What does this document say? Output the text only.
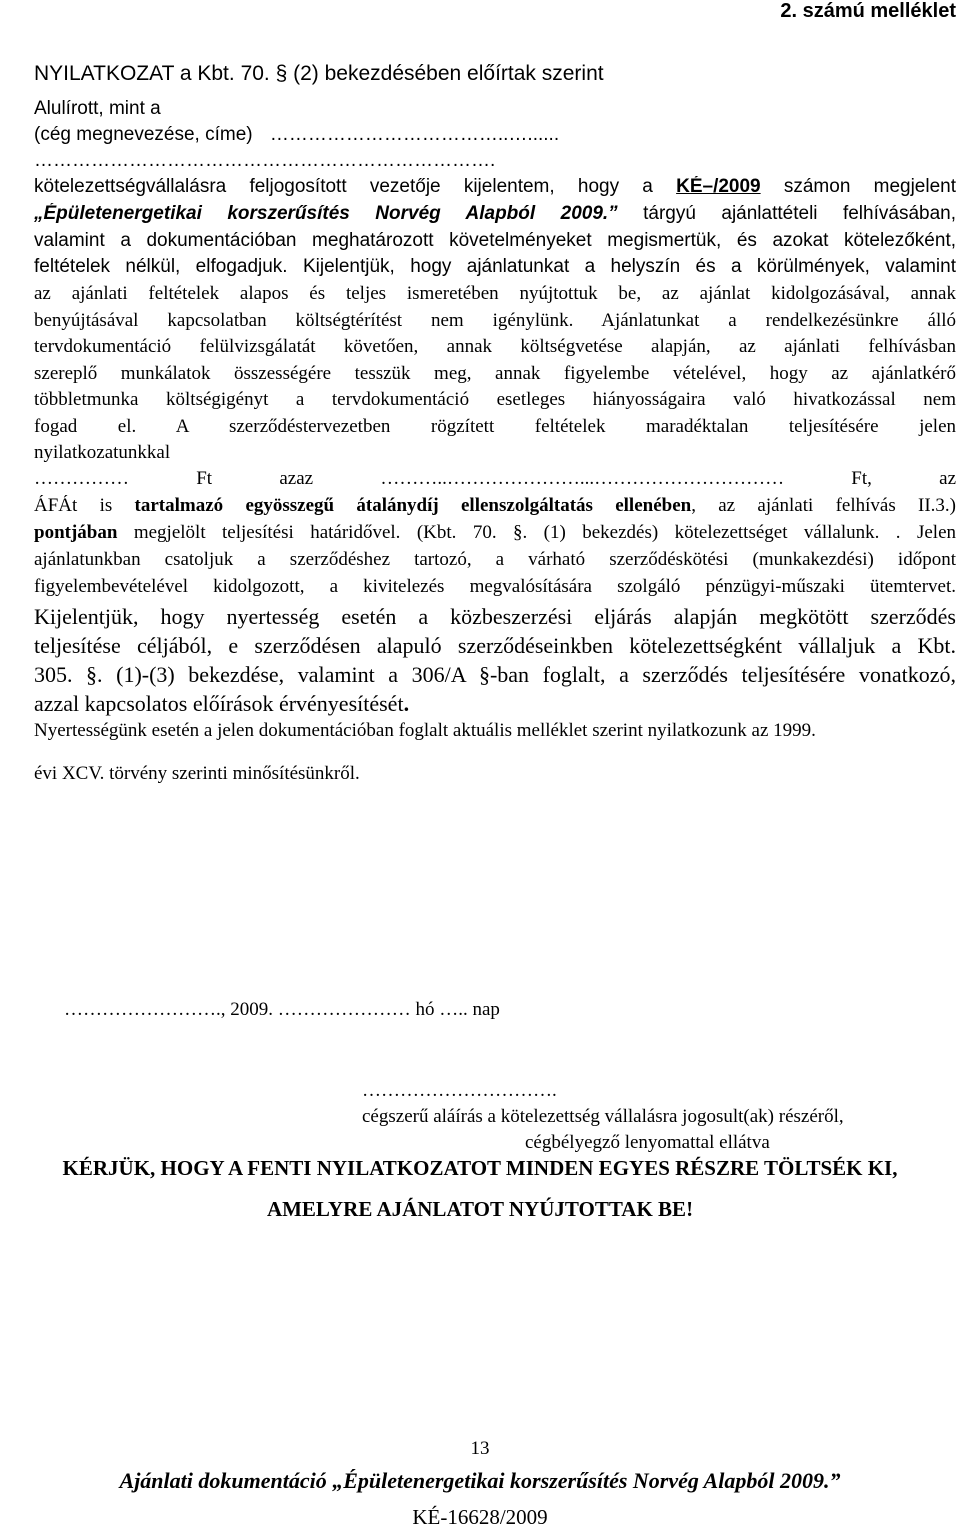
2. számú melléklet
NYILATKOZAT a Kbt. 70. § (2) bekezdésében előírtak szerint
Alulírott, mint a
(cég megnevezése, címe) ………………………………..…......
……………………………………………………………….
kötelezettségvállalásra feljogosított vezetője kijelentem, hogy a KÉ–/2009 számon megjelent
„Épületenergetikai korszerűsítés Norvég Alapból 2009.” tárgyú ajánlattételi felhívásában,
valamint a dokumentációban meghatározott követelményeket megismertük, és azokat kötelezőként,
feltételek nélkül, elfogadjuk. Kijelentjük, hogy ajánlatunkat a helyszín és a körülmények, valamint
az ajánlati feltételek alapos és teljes ismeretében nyújtottuk be, az ajánlat kidolgozásával, annak
benyújtásával kapcsolatban költségtérítést nem igénylünk. Ajánlatunkat a rendelkezésünkre álló
tervdokumentáció felülvizsgálatát követően, annak költségvetése alapján, az ajánlati felhívásban
szereplő munkálatok összességére tesszük meg, annak figyelembe vételével, hogy az ajánlatkérő
többletmunka költségigényt a tervdokumentáció esetleges hiányosságaira való hivatkozással nem
fogad el. A szerződéstervezetben rögzített feltételek maradéktalan teljesítésére jelen
nyilatkozatunkkal
…………… Ft azaz	………..…………………...………………………… Ft, az
ÁFÁt is tartalmazó egyösszegű átalánydíj ellenszolgáltatás ellenében, az ajánlati felhívás II.3.)
pontjában megjelölt teljesítési határidővel. (Kbt. 70. §. (1) bekezdés) kötelezettséget vállalunk. . Jelen
ajánlatunkban csatoljuk a szerződéshez tartozó, a várható szerződéskötési (munkakezdési) időpont
figyelembevételével kidolgozott, a kivitelezés megvalósítására szolgáló pénzügyi-műszaki ütemtervet.
Kijelentjük, hogy nyertesség esetén a közbeszerzési eljárás alapján megkötött szerződés
teljesítése céljából, e szerződésen alapuló szerződéseinkben kötelezettségként vállaljuk a Kbt.
305. §. (1)-(3) bekezdése, valamint a 306/A §-ban foglalt, a szerződés teljesítésére vonatkozó,
azzal kapcsolatos előírások érvényesítését.
Nyertességünk esetén a jelen dokumentációban foglalt aktuális melléklet szerint nyilatkozunk az 1999.
évi XCV. törvény szerinti minősítésünkről.
……………………., 2009. ………………… hó ….. nap
………………………….
cégszerű aláírás a kötelezettség vállalásra jogosult(ak) részéről,
cégbélyegző lenyomattal ellátva
KÉRJÜK, HOGY A FENTI NYILATKOZATOT MINDEN EGYES RÉSZRE TÖLTSÉK KI,
AMELYRE AJÁNLATOT NYÚJTOTTAK BE!
13
Ajánlati dokumentáció „Épületenergetikai korszerűsítés Norvég Alapból 2009.”
KÉ-16628/2009
